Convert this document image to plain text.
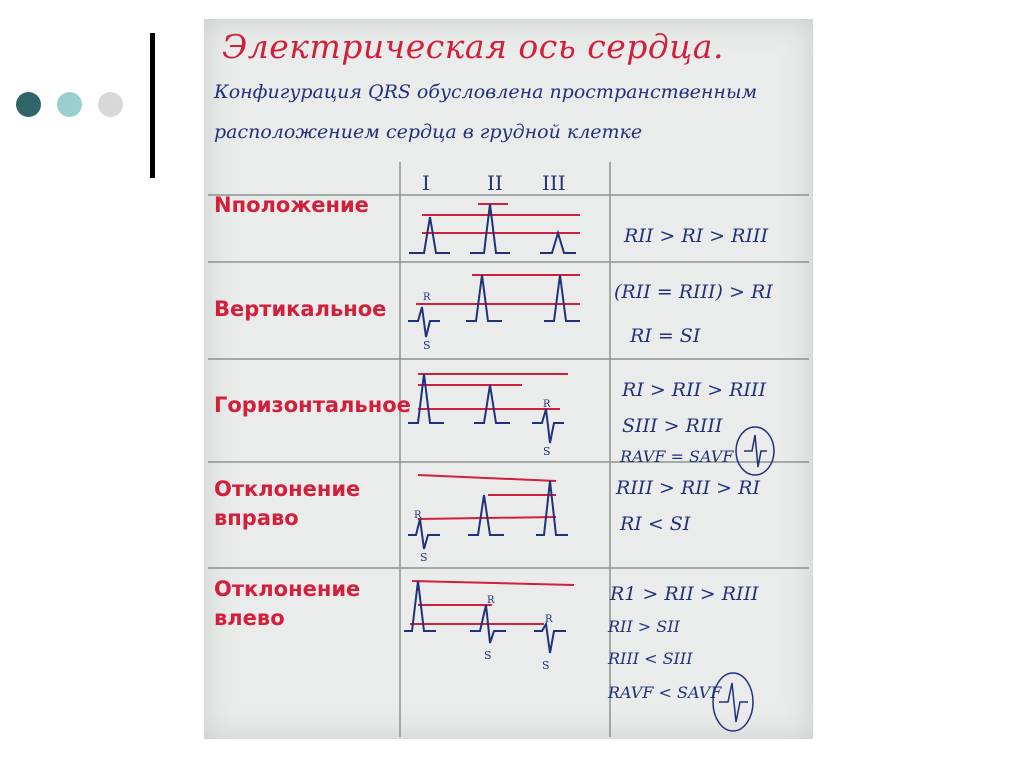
R
S
R
S
R
S
R
S
R
S
Электрическая ось сердца.
Конфигурация QRS обусловлена пространственным
расположением сердца в грудной клетке
I	II III
Nположение
Вертикальное
Горизонтальное
Отклонение вправо
Отклонение влево
RII > RI > RIII
(RII = RIII) > RI
RI = SI
RI > RII > RIII
SIII > RIII
RAVF = SAVF
RIII > RII > RI
RI < SI
R1 > RII > RIII
RII > SII
RIII < SIII
RAVF < SAVF
